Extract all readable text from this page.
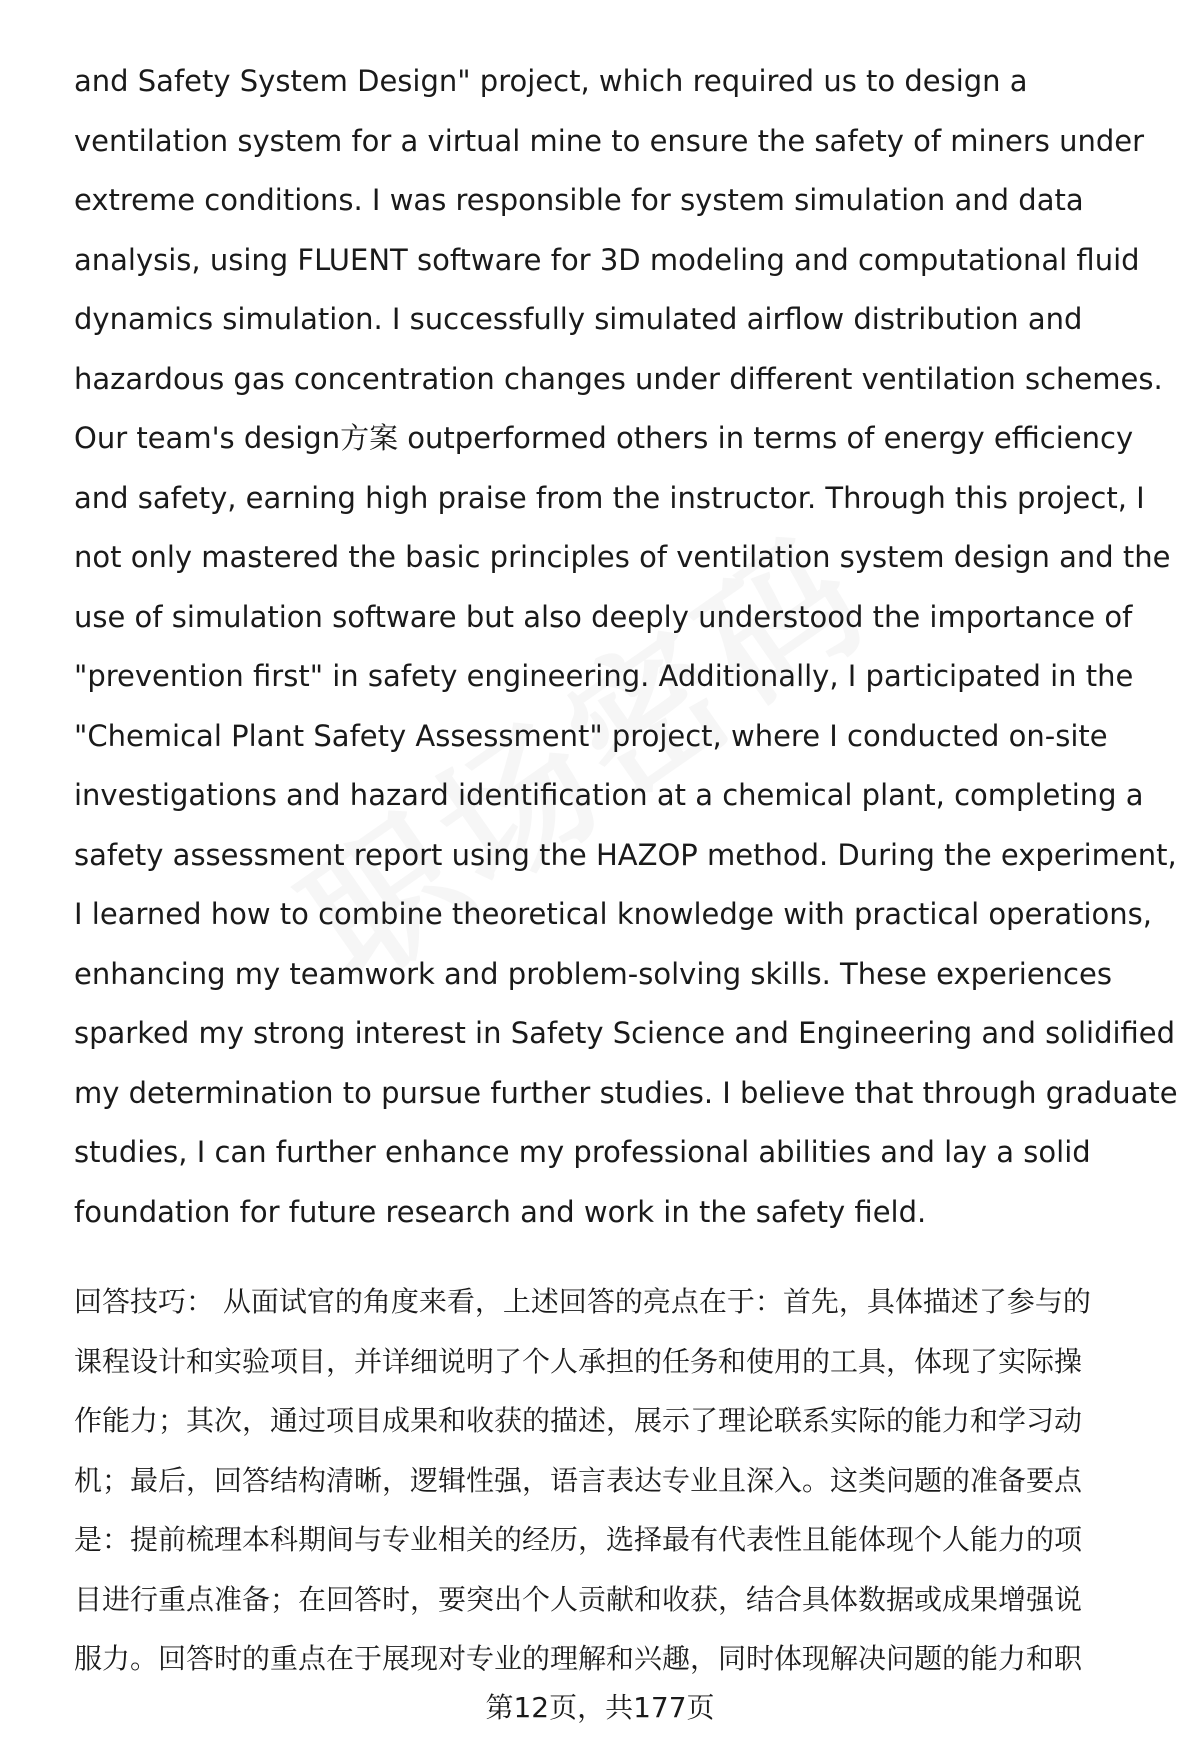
and Safety System Design" project, which required us to design a
ventilation system for a virtual mine to ensure the safety of miners under
extreme conditions. I was responsible for system simulation and data
analysis, using FLUENT software for 3D modeling and computational fluid
dynamics simulation. I successfully simulated airflow distribution and
hazardous gas concentration changes under different ventilation schemes.
Our team's design方案 outperformed others in terms of energy efficiency
and safety, earning high praise from the instructor. Through this project, I
not only mastered the basic principles of ventilation system design and the
use of simulation software but also deeply understood the importance of
"prevention first" in safety engineering. Additionally, I participated in the
"Chemical Plant Safety Assessment" project, where I conducted on-site
investigations and hazard identification at a chemical plant, completing a
safety assessment report using the HAZOP method. During the experiment,
I learned how to combine theoretical knowledge with practical operations,
enhancing my teamwork and problem-solving skills. These experiences
sparked my strong interest in Safety Science and Engineering and solidified
my determination to pursue further studies. I believe that through graduate
studies, I can further enhance my professional abilities and lay a solid
foundation for future research and work in the safety field.
回答技巧： 从面试官的角度来看，上述回答的亮点在于：首先，具体描述了参与的
课程设计和实验项目，并详细说明了个人承担的任务和使用的工具，体现了实际操
作能力；其次，通过项目成果和收获的描述，展示了理论联系实际的能力和学习动
机；最后，回答结构清晰，逻辑性强，语言表达专业且深入。这类问题的准备要点
是：提前梳理本科期间与专业相关的经历，选择最有代表性且能体现个人能力的项
目进行重点准备；在回答时，要突出个人贡献和收获，结合具体数据或成果增强说
服力。回答时的重点在于展现对专业的理解和兴趣，同时体现解决问题的能力和职
第12页，共177页
